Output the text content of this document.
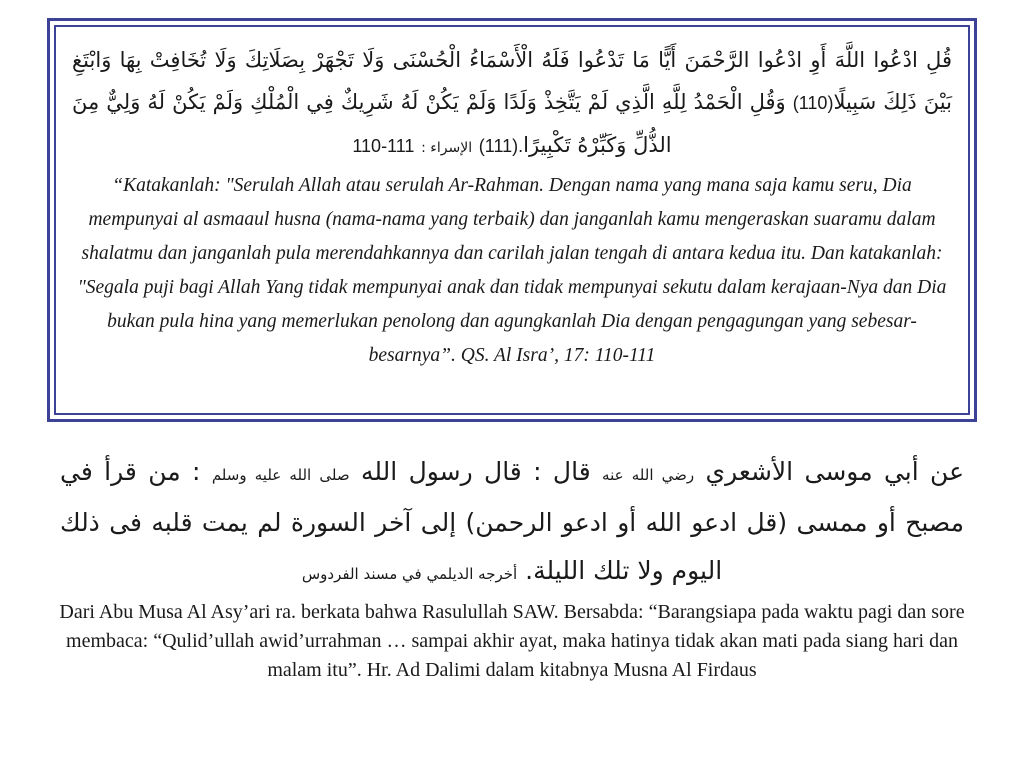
قُلِ ادْعُوا اللَّهَ أَوِ ادْعُوا الرَّحْمَنَ أَيًّا مَا تَدْعُوا فَلَهُ الْأَسْمَاءُ الْحُسْنَى وَلَا تَجْهَرْ بِصَلَاتِكَ وَلَا تُخَافِتْ بِهَا وَابْتَغِ بَيْنَ ذَلِكَ سَبِيلًا(110) وَقُلِ الْحَمْدُ لِلَّهِ الَّذِي لَمْ يَتَّخِذْ وَلَدًا وَلَمْ يَكُنْ لَهُ شَرِيكٌ فِي الْمُلْكِ وَلَمْ يَكُنْ لَهُ وَلِيٌّ مِنَ الذُّلِّ وَكَبِّرْهُ تَكْبِيرًا(111). الإسراء : 110-111

“Katakanlah: "Serulah Allah atau serulah Ar-Rahman. Dengan nama yang mana saja kamu seru, Dia mempunyai al asmaaul husna (nama-nama yang terbaik) dan janganlah kamu mengeraskan suaramu dalam shalatmu dan janganlah pula merendahkannya dan carilah jalan tengah di antara kedua itu. Dan katakanlah: "Segala puji bagi Allah Yang tidak mempunyai anak dan tidak mempunyai sekutu dalam kerajaan-Nya dan Dia bukan pula hina yang memerlukan penolong dan agungkanlah Dia dengan pengagungan yang sebesar-besarnya”. QS. Al Isra’, 17: 110-111

عن أبي موسى الأشعري رضي الله عنه قال : قال رسول الله صلى الله عليه وسلم : من قرأ في مصبح أو ممسى (قل ادعو الله أو ادعو الرحمن) إلى آخر السورة لم يمت قلبه فى ذلك اليوم ولا تلك الليلة. أخرجه الديلمي في مسند الفردوس

Dari Abu Musa Al Asy’ari ra. berkata bahwa Rasulullah SAW. Bersabda: “Barangsiapa pada waktu pagi dan sore membaca: “Qulid’ullah awid’urrahman … sampai akhir ayat, maka hatinya tidak akan mati pada siang hari dan malam itu”. Hr. Ad Dalimi dalam kitabnya Musna Al Firdaus
